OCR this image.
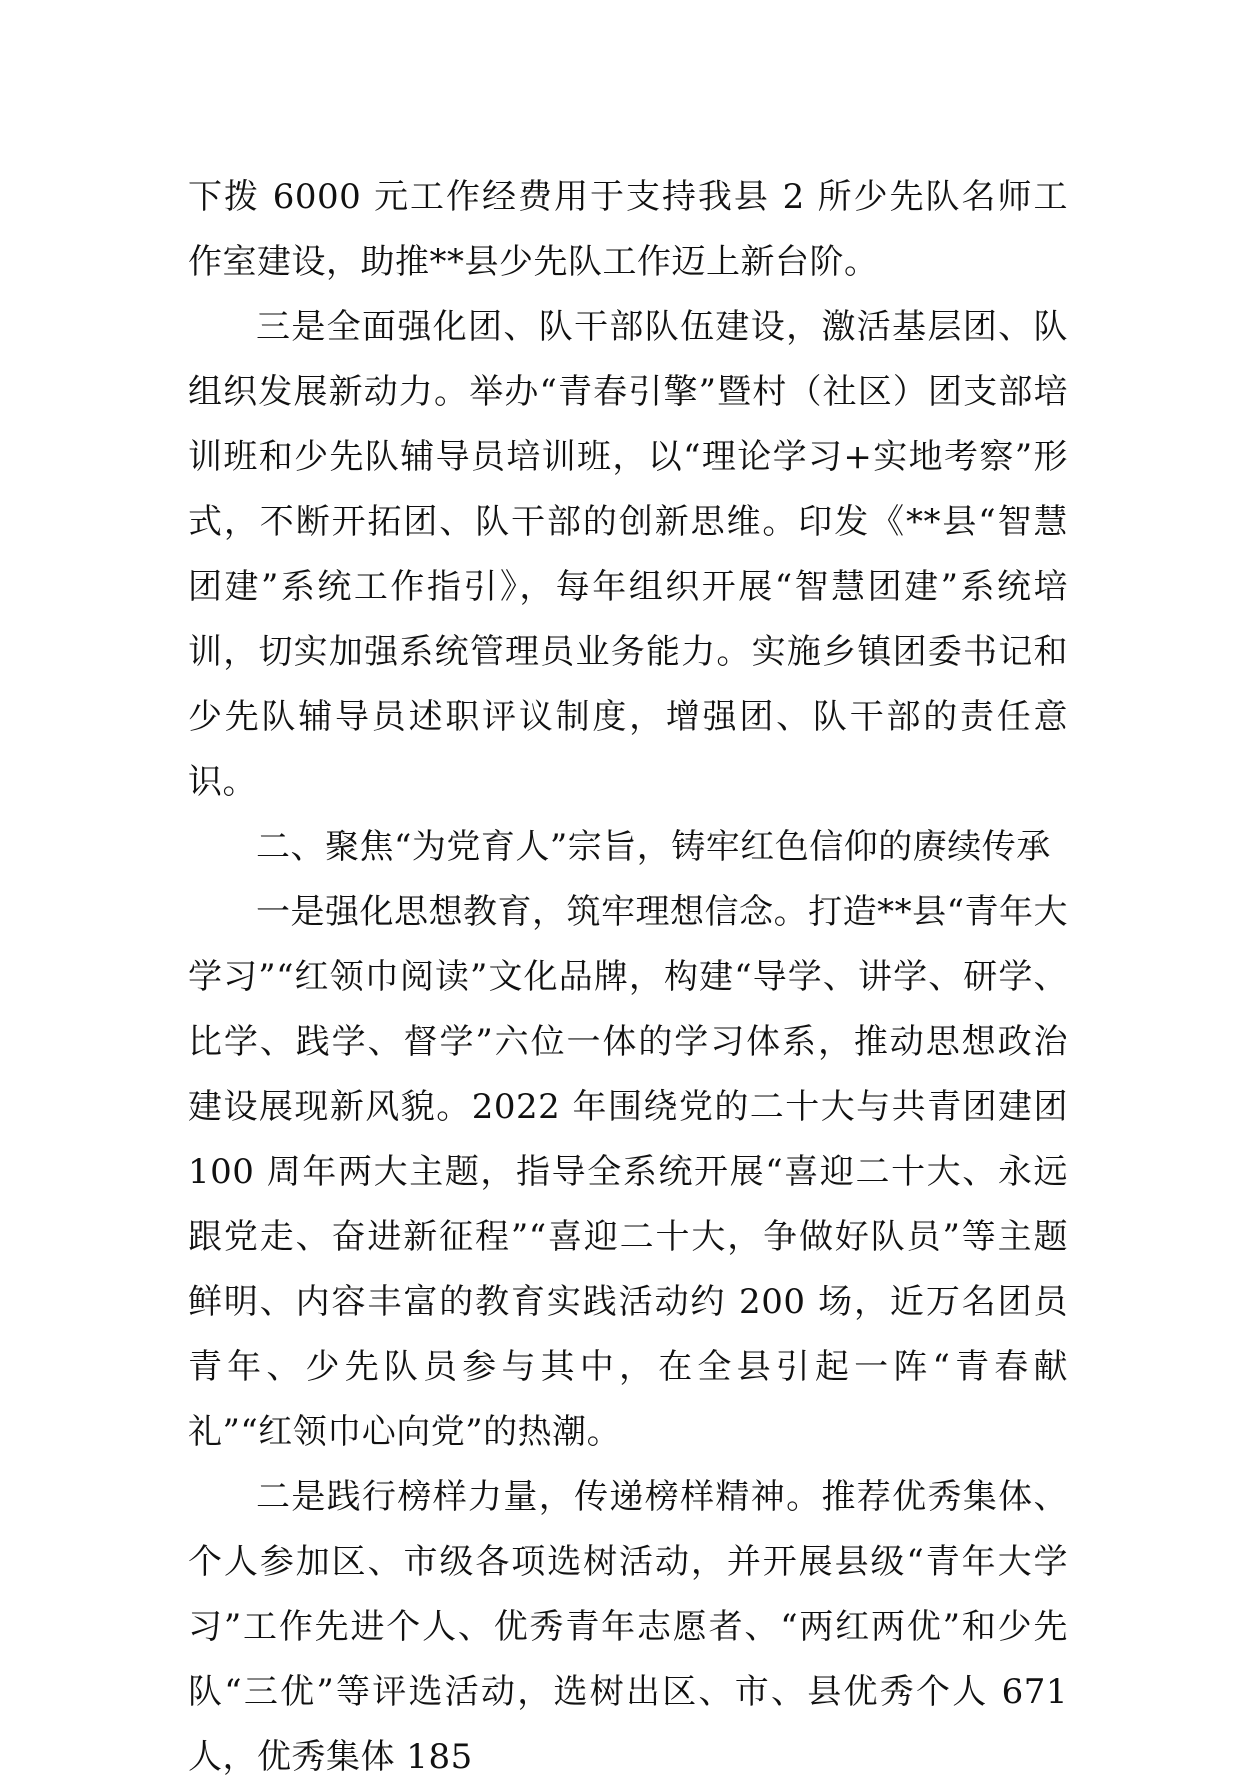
下拨 6000 元工作经费用于支持我县 2 所少先队名师工作室建设，助推**县少先队工作迈上新台阶。

三是全面强化团、队干部队伍建设，激活基层团、队组织发展新动力。举办“青春引擎”暨村（社区）团支部培训班和少先队辅导员培训班，以“理论学习+实地考察”形式，不断开拓团、队干部的创新思维。印发《**县“智慧团建”系统工作指引》，每年组织开展“智慧团建”系统培训，切实加强系统管理员业务能力。实施乡镇团委书记和少先队辅导员述职评议制度，增强团、队干部的责任意识。

二、聚焦“为党育人”宗旨，铸牢红色信仰的赓续传承

一是强化思想教育，筑牢理想信念。打造**县“青年大学习”“红领巾阅读”文化品牌，构建“导学、讲学、研学、比学、践学、督学”六位一体的学习体系，推动思想政治建设展现新风貌。2022 年围绕党的二十大与共青团建团 100 周年两大主题，指导全系统开展“喜迎二十大、永远跟党走、奋进新征程”“喜迎二十大，争做好队员”等主题鲜明、内容丰富的教育实践活动约 200 场，近万名团员青年、少先队员参与其中，在全县引起一阵“青春献礼”“红领巾心向党”的热潮。

二是践行榜样力量，传递榜样精神。推荐优秀集体、个人参加区、市级各项选树活动，并开展县级“青年大学习”工作先进个人、优秀青年志愿者、“两红两优”和少先队“三优”等评选活动，选树出区、市、县优秀个人 671 人，优秀集体 185
